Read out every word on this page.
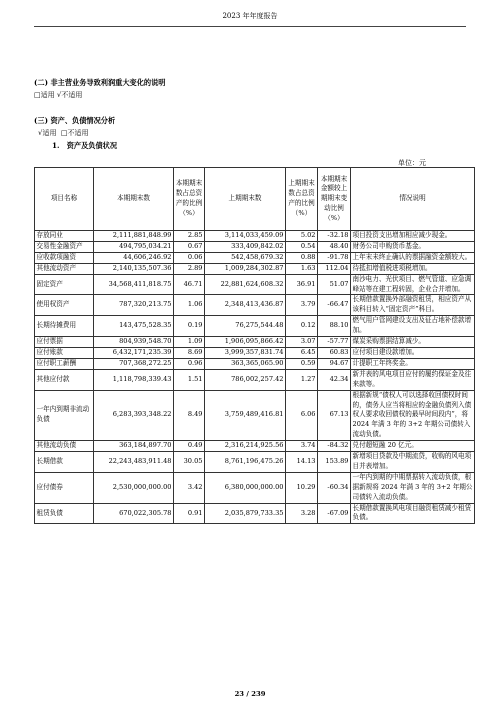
2023 年年度报告
(二) 非主营业务导致利润重大变化的说明
□适用 √不适用
(三) 资产、负债情况分析
√适用 □不适用
1.　资产及负债状况
单位：元
项目名称	本期期末数	本期期末数占总资产的比例（%）	上期期末数	上期期末数占总资产的比例（%）	本期期末金额较上期期末变动比例（%）	情况说明
存放同业	2,111,881,848.99	2.85	3,114,033,459.09	5.02	-32.18	项目投资支出增加相应减少现金。
交易性金融资产	494,795,034.21	0.67	333,409,842.02	0.54	48.40	财务公司申购货币基金。
应收款项融资	44,606,246.92	0.06	542,458,679.32	0.88	-91.78	上年末未终止确认的票据融资金额较大。
其他流动资产	2,140,135,507.36	2.89	1,009,284,302.87	1.63	112.04	待抵扣增值税进项税增加。
固定资产	34,568,411,818.75	46.71	22,881,624,608.32	36.91	51.07	南沙电力、光伏项目、燃气管道、应急调峰站等在建工程转固，企业合并增加。
使用权资产	787,320,213.75	1.06	2,348,413,436.87	3.79	-66.47	长期借款置换外部融资租赁，相应资产从该科目转入“固定资产”科目。
长期待摊费用	143,475,528.35	0.19	76,275,544.48	0.12	88.10	燃气用户管网建设支出及征占地补偿款增加。
应付票据	804,939,548.70	1.09	1,906,095,866.42	3.07	-57.77	煤炭采购票据结算减少。
应付账款	6,432,171,235.39	8.69	3,999,357,831.74	6.45	60.83	应付项目建设款增加。
应付职工薪酬	707,368,272.25	0.96	363,365,065.90	0.59	94.67	计提职工年终奖金。
其他应付款	1,118,798,339.43	1.51	786,002,257.42	1.27	42.34	新并表的风电项目应付的履约保证金及往来款等。
一年内到期非流动负债	6,283,393,348.22	8.49	3,759,489,416.81	6.06	67.13	根据新规“债权人可以选择收回债权时间的，债务人应当将相应的金融负债列入债权人要求收回债权的最早时间段内”，将 2024 年满 3 年的 3+2 年期公司债转入流动负债。
其他流动负债	363,184,897.70	0.49	2,316,214,925.56	3.74	-84.32	兑付超短融 20 亿元。
长期借款	22,243,483,911.48	30.05	8,761,196,475.26	14.13	153.89	新增项目贷款及中期流贷，收购的风电项目并表增加。
应付债券	2,530,000,000.00	3.42	6,380,000,000.00	10.29	-60.34	一年内到期的中期票据转入流动负债，根据新规将 2024 年满 3 年的 3+2 年期公司债转入流动负债。
租赁负债	670,022,305.78	0.91	2,035,879,733.35	3.28	-67.09	长期借款置换风电项目融资租赁减少租赁负债。
23 / 239
